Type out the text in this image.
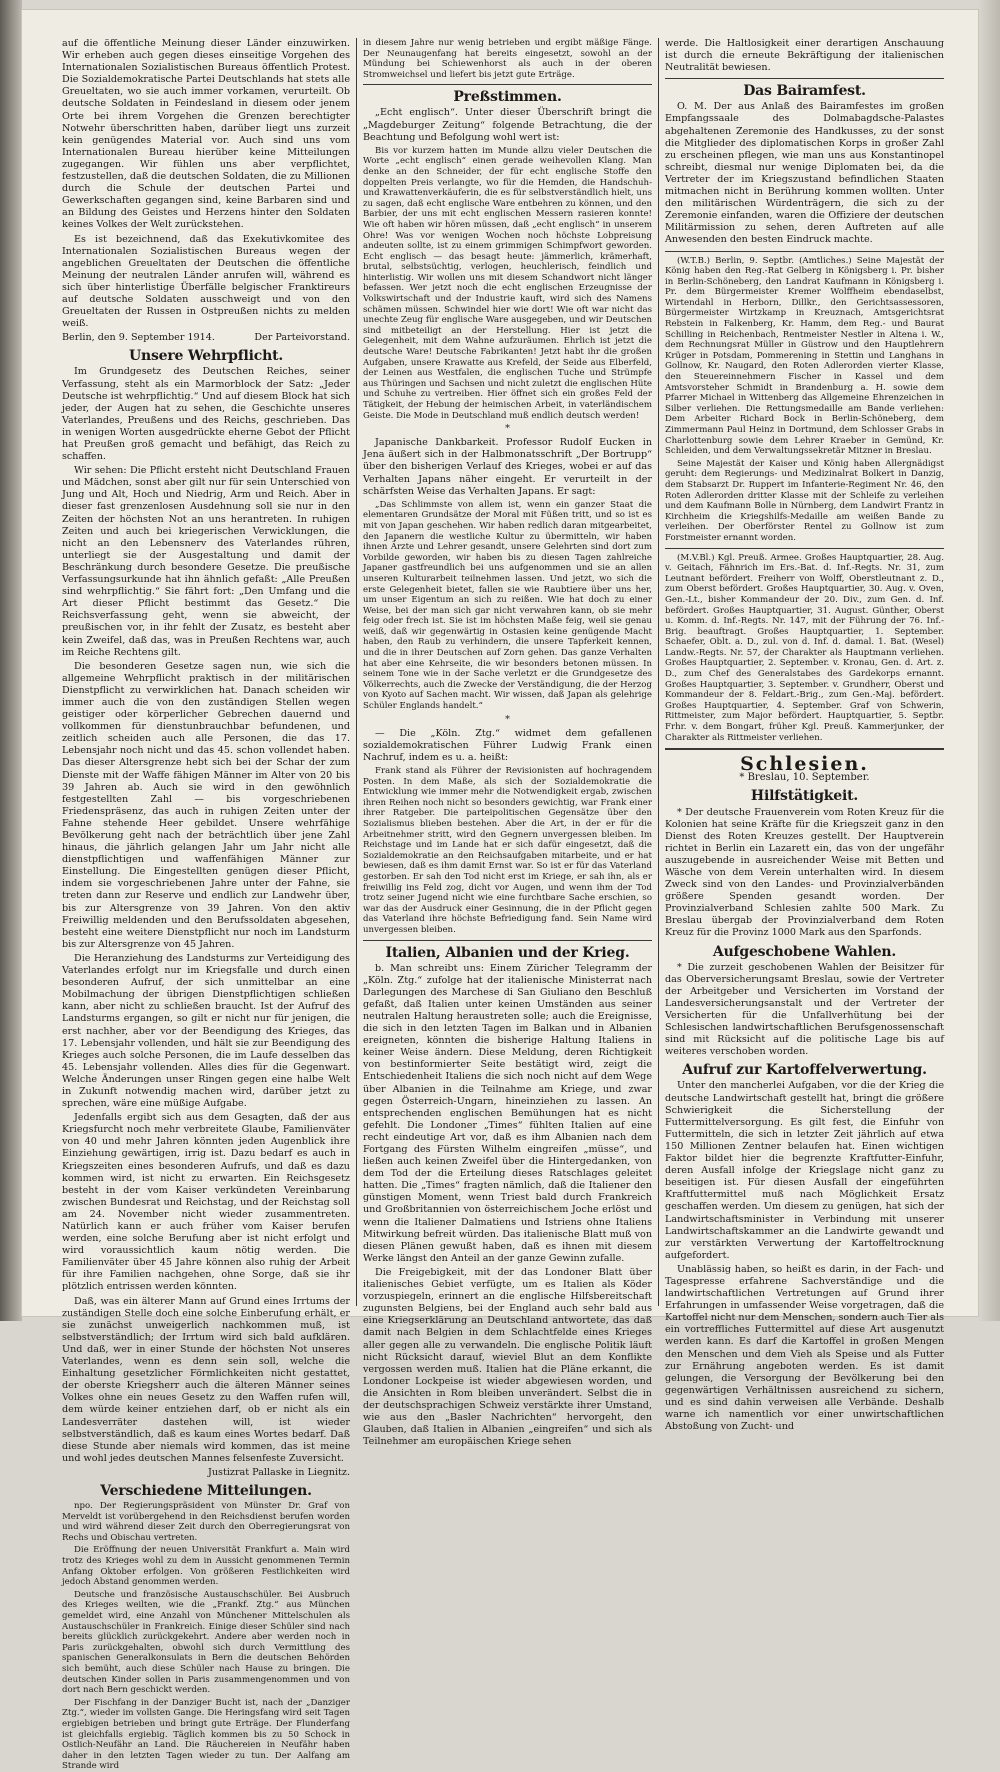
auf die öffentliche Meinung dieser Länder einzuwirken. Wir erheben auch gegen dieses einseitige Vorgehen des Internationalen Sozialistischen Bureaus öffentlich Protest. Die Sozialdemokratische Partei Deutschlands hat stets alle Greueltaten, wo sie auch immer vorkamen, verurteilt. Ob deutsche Soldaten in Feindesland in diesem oder jenem Orte bei ihrem Vorgehen die Grenzen berechtigter Notwehr überschritten haben, darüber liegt uns zurzeit kein genügendes Material vor. Auch sind uns vom Internationalen Bureau hierüber keine Mitteilungen zugegangen. Wir fühlen uns aber verpflichtet, festzustellen, daß die deutschen Soldaten, die zu Millionen durch die Schule der deutschen Partei und Gewerkschaften gegangen sind, keine Barbaren sind und an Bildung des Geistes und Herzens hinter den Soldaten keines Volkes der Welt zurückstehen.

Es ist bezeichnend, daß das Exekutivkomitee des Internationalen Sozialistischen Bureaus wegen der angeblichen Greueltaten der Deutschen die öffentliche Meinung der neutralen Länder anrufen will, während es sich über hinterlistige Überfälle belgischer Franktireurs auf deutsche Soldaten ausschweigt und von den Greueltaten der Russen in Ostpreußen nichts zu melden weiß.

Berlin, den 9. September 1914.	Der Parteivorstand.
Unsere Wehrpflicht.

Im Grundgesetz des Deutschen Reiches, seiner Verfassung, steht als ein Marmorblock der Satz: „Jeder Deutsche ist wehrpflichtig.“ Und auf diesem Block hat sich jeder, der Augen hat zu sehen, die Geschichte unseres Vaterlandes, Preußens und des Reichs, geschrieben. Das in wenigen Worten ausgedrückte eherne Gebot der Pflicht hat Preußen groß gemacht und befähigt, das Reich zu schaffen.

Wir sehen: Die Pflicht ersteht nicht Deutschland Frauen und Mädchen, sonst aber gilt nur für sein Unterschied von Jung und Alt, Hoch und Niedrig, Arm und Reich. Aber in dieser fast grenzenlosen Ausdehnung soll sie nur in den Zeiten der höchsten Not an uns herantreten. In ruhigen Zeiten und auch bei kriegerischen Verwicklungen, die nicht an den Lebensnerv des Vaterlandes rühren, unterliegt sie der Ausgestaltung und damit der Beschränkung durch besondere Gesetze. Die preußische Verfassungsurkunde hat ihn ähnlich gefaßt: „Alle Preußen sind wehrpflichtig.“ Sie fährt fort: „Den Umfang und die Art dieser Pflicht bestimmt das Gesetz.“ Die Reichsverfassung geht, wenn sie abweicht, der preußischen vor, in ihr fehlt der Zusatz, es besteht aber kein Zweifel, daß das, was in Preußen Rechtens war, auch im Reiche Rechtens gilt.

Die besonderen Gesetze sagen nun, wie sich die allgemeine Wehrpflicht praktisch in der militärischen Dienstpflicht zu verwirklichen hat. Danach scheiden wir immer auch die von den zuständigen Stellen wegen geistiger oder körperlicher Gebrechen dauernd und vollkommen für dienstunbrauchbar befundenen, und zeitlich scheiden auch alle Personen, die das 17. Lebensjahr noch nicht und das 45. schon vollendet haben. Das dieser Altersgrenze hebt sich bei der Schar der zum Dienste mit der Waffe fähigen Männer im Alter von 20 bis 39 Jahren ab. Auch sie wird in den gewöhnlich festgestellten Zahl — bis vorgeschriebenen Friedenspräsenz, das auch in ruhigen Zeiten unter der Fahne stehende Heer gebildet. Unsere wehrfähige Bevölkerung geht nach der beträchtlich über jene Zahl hinaus, die jährlich gelangen Jahr um Jahr nicht alle dienstpflichtigen und waffenfähigen Männer zur Einstellung. Die Eingestellten genügen dieser Pflicht, indem sie vorgeschriebenen Jahre unter der Fahne, sie treten dann zur Reserve und endlich zur Landwehr über, bis zur Altersgrenze von 39 Jahren. Von den aktiv Freiwillig meldenden und den Berufssoldaten abgesehen, besteht eine weitere Dienstpflicht nur noch im Landsturm bis zur Altersgrenze von 45 Jahren.

Die Heranziehung des Landsturms zur Verteidigung des Vaterlandes erfolgt nur im Kriegsfalle und durch einen besonderen Aufruf, der sich unmittelbar an eine Mobilmachung der übrigen Dienstpflichtigen schließen kann, aber nicht zu schließen braucht. Ist der Aufruf des Landsturms ergangen, so gilt er nicht nur für jenigen, die erst nachher, aber vor der Beendigung des Krieges, das 17. Lebensjahr vollenden, und hält sie zur Beendigung des Krieges auch solche Personen, die im Laufe desselben das 45. Lebensjahr vollenden. Alles dies für die Gegenwart. Welche Änderungen unser Ringen gegen eine halbe Welt in Zukunft notwendig machen wird, darüber jetzt zu sprechen, wäre eine müßige Aufgabe.

Jedenfalls ergibt sich aus dem Gesagten, daß der aus Kriegsfurcht noch mehr verbreitete Glaube, Familienväter von 40 und mehr Jahren könnten jeden Augenblick ihre Einziehung gewärtigen, irrig ist. Dazu bedarf es auch in Kriegszeiten eines besonderen Aufrufs, und daß es dazu kommen wird, ist nicht zu erwarten. Ein Reichsgesetz besteht in der vom Kaiser verkündeten Vereinbarung zwischen Bundesrat und Reichstag, und der Reichstag soll am 24. November nicht wieder zusammentreten. Natürlich kann er auch früher vom Kaiser berufen werden, eine solche Berufung aber ist nicht erfolgt und wird voraussichtlich kaum nötig werden. Die Familienväter über 45 Jahre können also ruhig der Arbeit für ihre Familien nachgehen, ohne Sorge, daß sie ihr plötzlich entrissen werden könnten.

Daß, was ein älterer Mann auf Grund eines Irrtums der zuständigen Stelle doch eine solche Einberufung erhält, er sie zunächst unweigerlich nachkommen muß, ist selbstverständlich; der Irrtum wird sich bald aufklären. Und daß, wer in einer Stunde der höchsten Not unseres Vaterlandes, wenn es denn sein soll, welche die Einhaltung gesetzlicher Förmlichkeiten nicht gestattet, der oberste Kriegsherr auch die älteren Männer seines Volkes ohne ein neues Gesetz zu den Waffen rufen will, dem würde keiner entziehen darf, ob er nicht als ein Landesverräter dastehen will, ist wieder selbstverständlich, daß es kaum eines Wortes bedarf. Daß diese Stunde aber niemals wird kommen, das ist meine und wohl jedes deutschen Mannes felsenfeste Zuversicht.

Justizrat Pallaske in Liegnitz.
Verschiedene Mitteilungen.

npo. Der Regierungspräsident von Münster Dr. Graf von Merveldt ist vorübergehend in den Reichsdienst berufen worden und wird während dieser Zeit durch den Oberregierungsrat von Rechs und Obischau vertreten.

Die Eröffnung der neuen Universität Frankfurt a. Main wird trotz des Krieges wohl zu dem in Aussicht genommenen Termin Anfang Oktober erfolgen. Von größeren Festlichkeiten wird jedoch Abstand genommen werden.

Deutsche und französische Austauschschüler. Bei Ausbruch des Krieges weilten, wie die „Frankf. Ztg.“ aus München gemeldet wird, eine Anzahl von Münchener Mittelschulen als Austauschschüler in Frankreich. Einige dieser Schüler sind nach bereits glücklich zurückgekehrt. Andere aber werden noch in Paris zurückgehalten, obwohl sich durch Vermittlung des spanischen Generalkonsulats in Bern die deutschen Behörden sich bemüht, auch diese Schüler nach Hause zu bringen. Die deutschen Kinder sollen in Paris zusammengenommen und von dort nach Bern geschickt werden.

Der Fischfang in der Danziger Bucht ist, nach der „Danziger Ztg.“, wieder im vollsten Gange. Die Heringsfang wird seit Tagen ergiebigen betrieben und bringt gute Erträge. Der Flunderfang ist gleichfalls ergiebig. Täglich kommen bis zu 50 Schock in Ostlich-Neufähr an Land. Die Räuchereien in Neufähr haben daher in den letzten Tagen wieder zu tun. Der Aalfang am Strande wird

in diesem Jahre nur wenig betrieben und ergibt mäßige Fänge. Der Neunaugenfang hat bereits eingesetzt, sowohl an der Mündung bei Schiewenhorst als auch in der oberen Stromweichsel und liefert bis jetzt gute Erträge.

Preßstimmen.

„Echt englisch“. Unter dieser Überschrift bringt die „Magdeburger Zeitung“ folgende Betrachtung, die der Beachtung und Befolgung wohl wert ist:

Bis vor kurzem hatten im Munde allzu vieler Deutschen die Worte „echt englisch“ einen gerade weihevollen Klang. Man denke an den Schneider, der für echt englische Stoffe den doppelten Preis verlangte, wo für die Hemden, die Handschuh- und Krawattenverkäuferin, die es für selbstverständlich hielt, uns zu sagen, daß echt englische Ware entbehren zu können, und den Barbier, der uns mit echt englischen Messern rasieren konnte! Wie oft haben wir hören müssen, daß „echt englisch“ in unserem Ohre! Was vor wenigen Wochen noch höchste Lobpreisung andeuten sollte, ist zu einem grimmigen Schimpfwort geworden. Echt englisch — das besagt heute: jämmerlich, krämerhaft, brutal, selbstsüchtig, verlogen, heuchlerisch, feindlich und hinterlistig. Wir wollen uns mit diesem Schandwort nicht länger befassen. Wer jetzt noch die echt englischen Erzeugnisse der Volkswirtschaft und der Industrie kauft, wird sich des Namens schämen müssen. Schwindel hier wie dort! Wie oft war nicht das unechte Zeug für englische Ware ausgegeben, und wir Deutschen sind mitbeteiligt an der Herstellung. Hier ist jetzt die Gelegenheit, mit dem Wahne aufzuräumen. Ehrlich ist jetzt die deutsche Ware! Deutsche Fabrikanten! Jetzt habt ihr die großen Aufgaben, unsere Krawatte aus Krefeld, der Seide aus Elberfeld, der Leinen aus Westfalen, die englischen Tuche und Strümpfe aus Thüringen und Sachsen und nicht zuletzt die englischen Hüte und Schuhe zu vertreiben. Hier öffnet sich ein großes Feld der Tätigkeit, der Hebung der heimischen Arbeit, in vaterländischem Geiste. Die Mode in Deutschland muß endlich deutsch werden!

*

Japanische Dankbarkeit. Professor Rudolf Eucken in Jena äußert sich in der Halbmonatsschrift „Der Bortrupp“ über den bisherigen Verlauf des Krieges, wobei er auf das Verhalten Japans näher eingeht. Er verurteilt in der schärfsten Weise das Verhalten Japans. Er sagt:

„Das Schlimmste von allem ist, wenn ein ganzer Staat die elementaren Grundsätze der Moral mit Füßen tritt, und so ist es mit von Japan geschehen. Wir haben redlich daran mitgearbeitet, den Japanern die westliche Kultur zu übermitteln, wir haben ihnen Ärzte und Lehrer gesandt, unsere Gelehrten sind dort zum Vorbilde geworden, wir haben bis zu diesen Tagen zahlreiche Japaner gastfreundlich bei uns aufgenommen und sie an allen unseren Kulturarbeit teilnehmen lassen. Und jetzt, wo sich die erste Gelegenheit bietet, fallen sie wie Raubtiere über uns her, um unser Eigentum an sich zu reißen. Wie hat doch zu einer Weise, bei der man sich gar nicht verwahren kann, ob sie mehr feig oder frech ist. Sie ist im höchsten Maße feig, weil sie genau weiß, daß wir gegenwärtig in Ostasien keine genügende Macht haben, den Raub zu verhindern, die unsere Tapferkeit kennen, und die in ihrer Deutschen auf Zorn gehen. Das ganze Verhalten hat aber eine Kehrseite, die wir besonders betonen müssen. In seinem Tone wie in der Sache verletzt er die Grundgesetze des Völkerrechts, auch die Zwecke der Verständigung, die der Herzog von Kyoto auf Sachen macht. Wir wissen, daß Japan als gelehrige Schüler Englands handelt.“

*

— Die „Köln. Ztg.“ widmet dem gefallenen sozialdemokratischen Führer Ludwig Frank einen Nachruf, indem es u. a. heißt:

Frank stand als Führer der Revisionisten auf hochragendem Posten. In dem Maße, als sich der Sozialdemokratie die Entwicklung wie immer mehr die Notwendigkeit ergab, zwischen ihren Reihen noch nicht so besonders gewichtig, war Frank einer ihrer Ratgeber. Die parteipolitischen Gegensätze über den Sozialismus blieben bestehen. Aber die Art, in der er für die Arbeitnehmer stritt, wird den Gegnern unvergessen bleiben. Im Reichstage und im Lande hat er sich dafür eingesetzt, daß die Sozialdemokratie an den Reichsaufgaben mitarbeite, und er hat bewiesen, daß es ihm damit Ernst war. So ist er für das Vaterland gestorben. Er sah den Tod nicht erst im Kriege, er sah ihn, als er freiwillig ins Feld zog, dicht vor Augen, und wenn ihm der Tod trotz seiner Jugend nicht wie eine furchtbare Sache erschien, so war das der Ausdruck einer Gesinnung, die in der Pflicht gegen das Vaterland ihre höchste Befriedigung fand. Sein Name wird unvergessen bleiben.

Italien, Albanien und der Krieg.

b. Man schreibt uns: Einem Züricher Telegramm der „Köln. Ztg.“ zufolge hat der italienische Ministerrat nach Darlegungen des Marchese di San Giuliano den Beschluß gefaßt, daß Italien unter keinen Umständen aus seiner neutralen Haltung heraustreten solle; auch die Ereignisse, die sich in den letzten Tagen im Balkan und in Albanien ereigneten, könnten die bisherige Haltung Italiens in keiner Weise ändern. Diese Meldung, deren Richtigkeit von bestinformierter Seite bestätigt wird, zeigt die Entschiedenheit Italiens die sich noch nicht auf dem Wege über Albanien in die Teilnahme am Kriege, und zwar gegen Österreich-Ungarn, hineinziehen zu lassen. An entsprechenden englischen Bemühungen hat es nicht gefehlt. Die Londoner „Times“ fühlten Italien auf eine recht eindeutige Art vor, daß es ihm Albanien nach dem Fortgang des Fürsten Wilhelm eingreifen „müsse“, und ließen auch keinen Zweifel über die Hintergedanken, von dem Tod der die Erteilung dieses Ratschlages geleitet hatten. Die „Times“ fragten nämlich, daß die Italiener den günstigen Moment, wenn Triest bald durch Frankreich und Großbritannien von österreichischem Joche erlöst und wenn die Italiener Dalmatiens und Istriens ohne Italiens Mitwirkung befreit würden. Das italienische Blatt muß von diesen Plänen gewußt haben, daß es ihnen mit diesem Werke längst den Anteil an der ganze Gewinn zufalle.

Die Freigebigkeit, mit der das Londoner Blatt über italienisches Gebiet verfügte, um es Italien als Köder vorzuspiegeln, erinnert an die englische Hilfsbereitschaft zugunsten Belgiens, bei der England auch sehr bald aus eine Kriegserklärung an Deutschland antwortete, das daß damit nach Belgien in dem Schlachtfelde eines Krieges aller gegen alle zu verwandeln. Die englische Politik läuft nicht Rücksicht darauf, wieviel Blut an dem Konflikte vergossen werden muß. Italien hat die Pläne erkannt, die Londoner Lockpeise ist wieder abgewiesen worden, und die Ansichten in Rom bleiben unverändert. Selbst die in der deutschsprachigen Schweiz verstärkte ihrer Umstand, wie aus den „Basler Nachrichten“ hervorgeht, den Glauben, daß Italien in Albanien „eingreifen“ und sich als Teilnehmer am europäischen Kriege sehen

werde. Die Haltlosigkeit einer derartigen Anschauung ist durch die erneute Bekräftigung der italienischen Neutralität bewiesen.

Das Bairamfest.

O. M. Der aus Anlaß des Bairamfestes im großen Empfangssaale des Dolmabagdsche-Palastes abgehaltenen Zeremonie des Handkusses, zu der sonst die Mitglieder des diplomatischen Korps in großer Zahl zu erscheinen pflegen, wie man uns aus Konstantinopel schreibt, diesmal nur wenige Diplomaten bei, da die Vertreter der im Kriegszustand befindlichen Staaten mitmachen nicht in Berührung kommen wollten. Unter den militärischen Würdenträgern, die sich zu der Zeremonie einfanden, waren die Offiziere der deutschen Militärmission zu sehen, deren Auftreten auf alle Anwesenden den besten Eindruck machte.

(W.T.B.) Berlin, 9. Septbr. (Amtliches.) Seine Majestät der König haben den Reg.-Rat Gelberg in Königsberg i. Pr. bisher in Berlin-Schöneberg, den Landrat Kaufmann in Königsberg i. Pr. dem Bürgermeister Kremer Wolffheim ebendaselbst, Wirtendahl in Herborn, Dillkr., den Gerichtsassessoren, Bürgermeister Wirtzkamp in Kreuznach, Amtsgerichtsrat Rebstein in Falkenberg, Kr. Hamm, dem Reg.- und Baurat Schilling in Reichenbach, Rentmeister Nestler in Altena i. W., dem Rechnungsrat Müller in Güstrow und den Hauptlehrern Krüger in Potsdam, Pommerening in Stettin und Langhans in Gollnow, Kr. Naugard, den Roten Adlerorden vierter Klasse, den Steuereinnehmern Fischer in Kassel und dem Amtsvorsteher Schmidt in Brandenburg a. H. sowie dem Pfarrer Michael in Wittenberg das Allgemeine Ehrenzeichen in Silber verliehen. Die Rettungsmedaille am Bande verliehen: Dem Arbeiter Richard Bock in Berlin-Schöneberg, dem Zimmermann Paul Heinz in Dortmund, dem Schlosser Grabs in Charlottenburg sowie dem Lehrer Kraeber in Gemünd, Kr. Schleiden, und dem Verwaltungssekretär Mitzner in Breslau.

Seine Majestät der Kaiser und König haben Allergnädigst geruht: dem Regierungs- und Medizinalrat Bolkert in Danzig, dem Stabsarzt Dr. Ruppert im Infanterie-Regiment Nr. 46, den Roten Adlerorden dritter Klasse mit der Schleife zu verleihen und dem Kaufmann Bolle in Nürnberg, dem Landwirt Frantz in Kirchheim die Kriegshilfs-Medaille am weißen Bande zu verleihen. Der Oberförster Rentel zu Gollnow ist zum Forstmeister ernannt worden.

(M.V.Bl.) Kgl. Preuß. Armee. Großes Hauptquartier, 28. Aug. v. Geitach, Fähnrich im Ers.-Bat. d. Inf.-Regts. Nr. 31, zum Leutnant befördert. Freiherr von Wolff, Oberstleutnant z. D., zum Oberst befördert. Großes Hauptquartier, 30. Aug. v. Oven, Gen.-Lt., bisher Kommandeur der 20. Div., zum Gen. d. Inf. befördert. Großes Hauptquartier, 31. August. Günther, Oberst u. Komm. d. Inf.-Regts. Nr. 147, mit der Führung der 76. Inf.-Brig. beauftragt. Großes Hauptquartier, 1. September. Schaefer, Oblt. a. D., zul. von d. Inf. d. damal. 1. Bat. (Wesel) Landw.-Regts. Nr. 57, der Charakter als Hauptmann verliehen. Großes Hauptquartier, 2. September. v. Kronau, Gen. d. Art. z. D., zum Chef des Generalstabes des Gardekorps ernannt. Großes Hauptquartier, 3. September. v. Grundherr, Oberst und Kommandeur der 8. Feldart.-Brig., zum Gen.-Maj. befördert. Großes Hauptquartier, 4. September. Graf von Schwerin, Rittmeister, zum Major befördert. Hauptquartier, 5. Septbr. Frhr. v. dem Bongart, früher Kgl. Preuß. Kammerjunker, der Charakter als Rittmeister verliehen.

Schlesien.
* Breslau, 10. September.
Hilfstätigkeit.

* Der deutsche Frauenverein vom Roten Kreuz für die Kolonien hat seine Kräfte für die Kriegszeit ganz in den Dienst des Roten Kreuzes gestellt. Der Hauptverein richtet in Berlin ein Lazarett ein, das von der ungefähr auszugebende in ausreichender Weise mit Betten und Wäsche von dem Verein unterhalten wird. In diesem Zweck sind von den Landes- und Provinzialverbänden größere Spenden gesandt worden. Der Provinzialverband Schlesien zahlte 500 Mark. Zu Breslau übergab der Provinzialverband dem Roten Kreuz für die Provinz 1000 Mark aus den Sparfonds.

Aufgeschobene Wahlen.

* Die zurzeit geschobenen Wahlen der Beisitzer für das Oberversicherungsamt Breslau, sowie der Vertreter der Arbeitgeber und Versicherten im Vorstand der Landesversicherungsanstalt und der Vertreter der Versicherten für die Unfallverhütung bei der Schlesischen landwirtschaftlichen Berufsgenossenschaft sind mit Rücksicht auf die politische Lage bis auf weiteres verschoben worden.

Aufruf zur Kartoffelverwertung.

Unter den mancherlei Aufgaben, vor die der Krieg die deutsche Landwirtschaft gestellt hat, bringt die größere Schwierigkeit die Sicherstellung der Futtermittelversorgung. Es gilt fest, die Einfuhr von Futtermitteln, die sich in letzter Zeit jährlich auf etwa 150 Millionen Zentner belaufen hat. Einen wichtigen Faktor bildet hier die begrenzte Kraftfutter-Einfuhr, deren Ausfall infolge der Kriegslage nicht ganz zu beseitigen ist. Für diesen Ausfall der eingeführten Kraftfuttermittel muß nach Möglichkeit Ersatz geschaffen werden. Um diesem zu genügen, hat sich der Landwirtschaftsminister in Verbindung mit unserer Landwirtschaftskammer an die Landwirte gewandt und zur verstärkten Verwertung der Kartoffeltrocknung aufgefordert.

Unablässig haben, so heißt es darin, in der Fach- und Tagespresse erfahrene Sachverständige und die landwirtschaftlichen Vertretungen auf Grund ihrer Erfahrungen in umfassender Weise vorgetragen, daß die Kartoffel nicht nur dem Menschen, sondern auch Tier als ein vortreffliches Futtermittel auf diese Art ausgenutzt werden kann. Es darf die Kartoffel in großen Mengen den Menschen und dem Vieh als Speise und als Futter zur Ernährung angeboten werden. Es ist damit gelungen, die Versorgung der Bevölkerung bei den gegenwärtigen Verhältnissen ausreichend zu sichern, und es sind dahin verweisen alle Verbände. Deshalb warne ich namentlich vor einer unwirtschaftlichen Abstoßung von Zucht- und
